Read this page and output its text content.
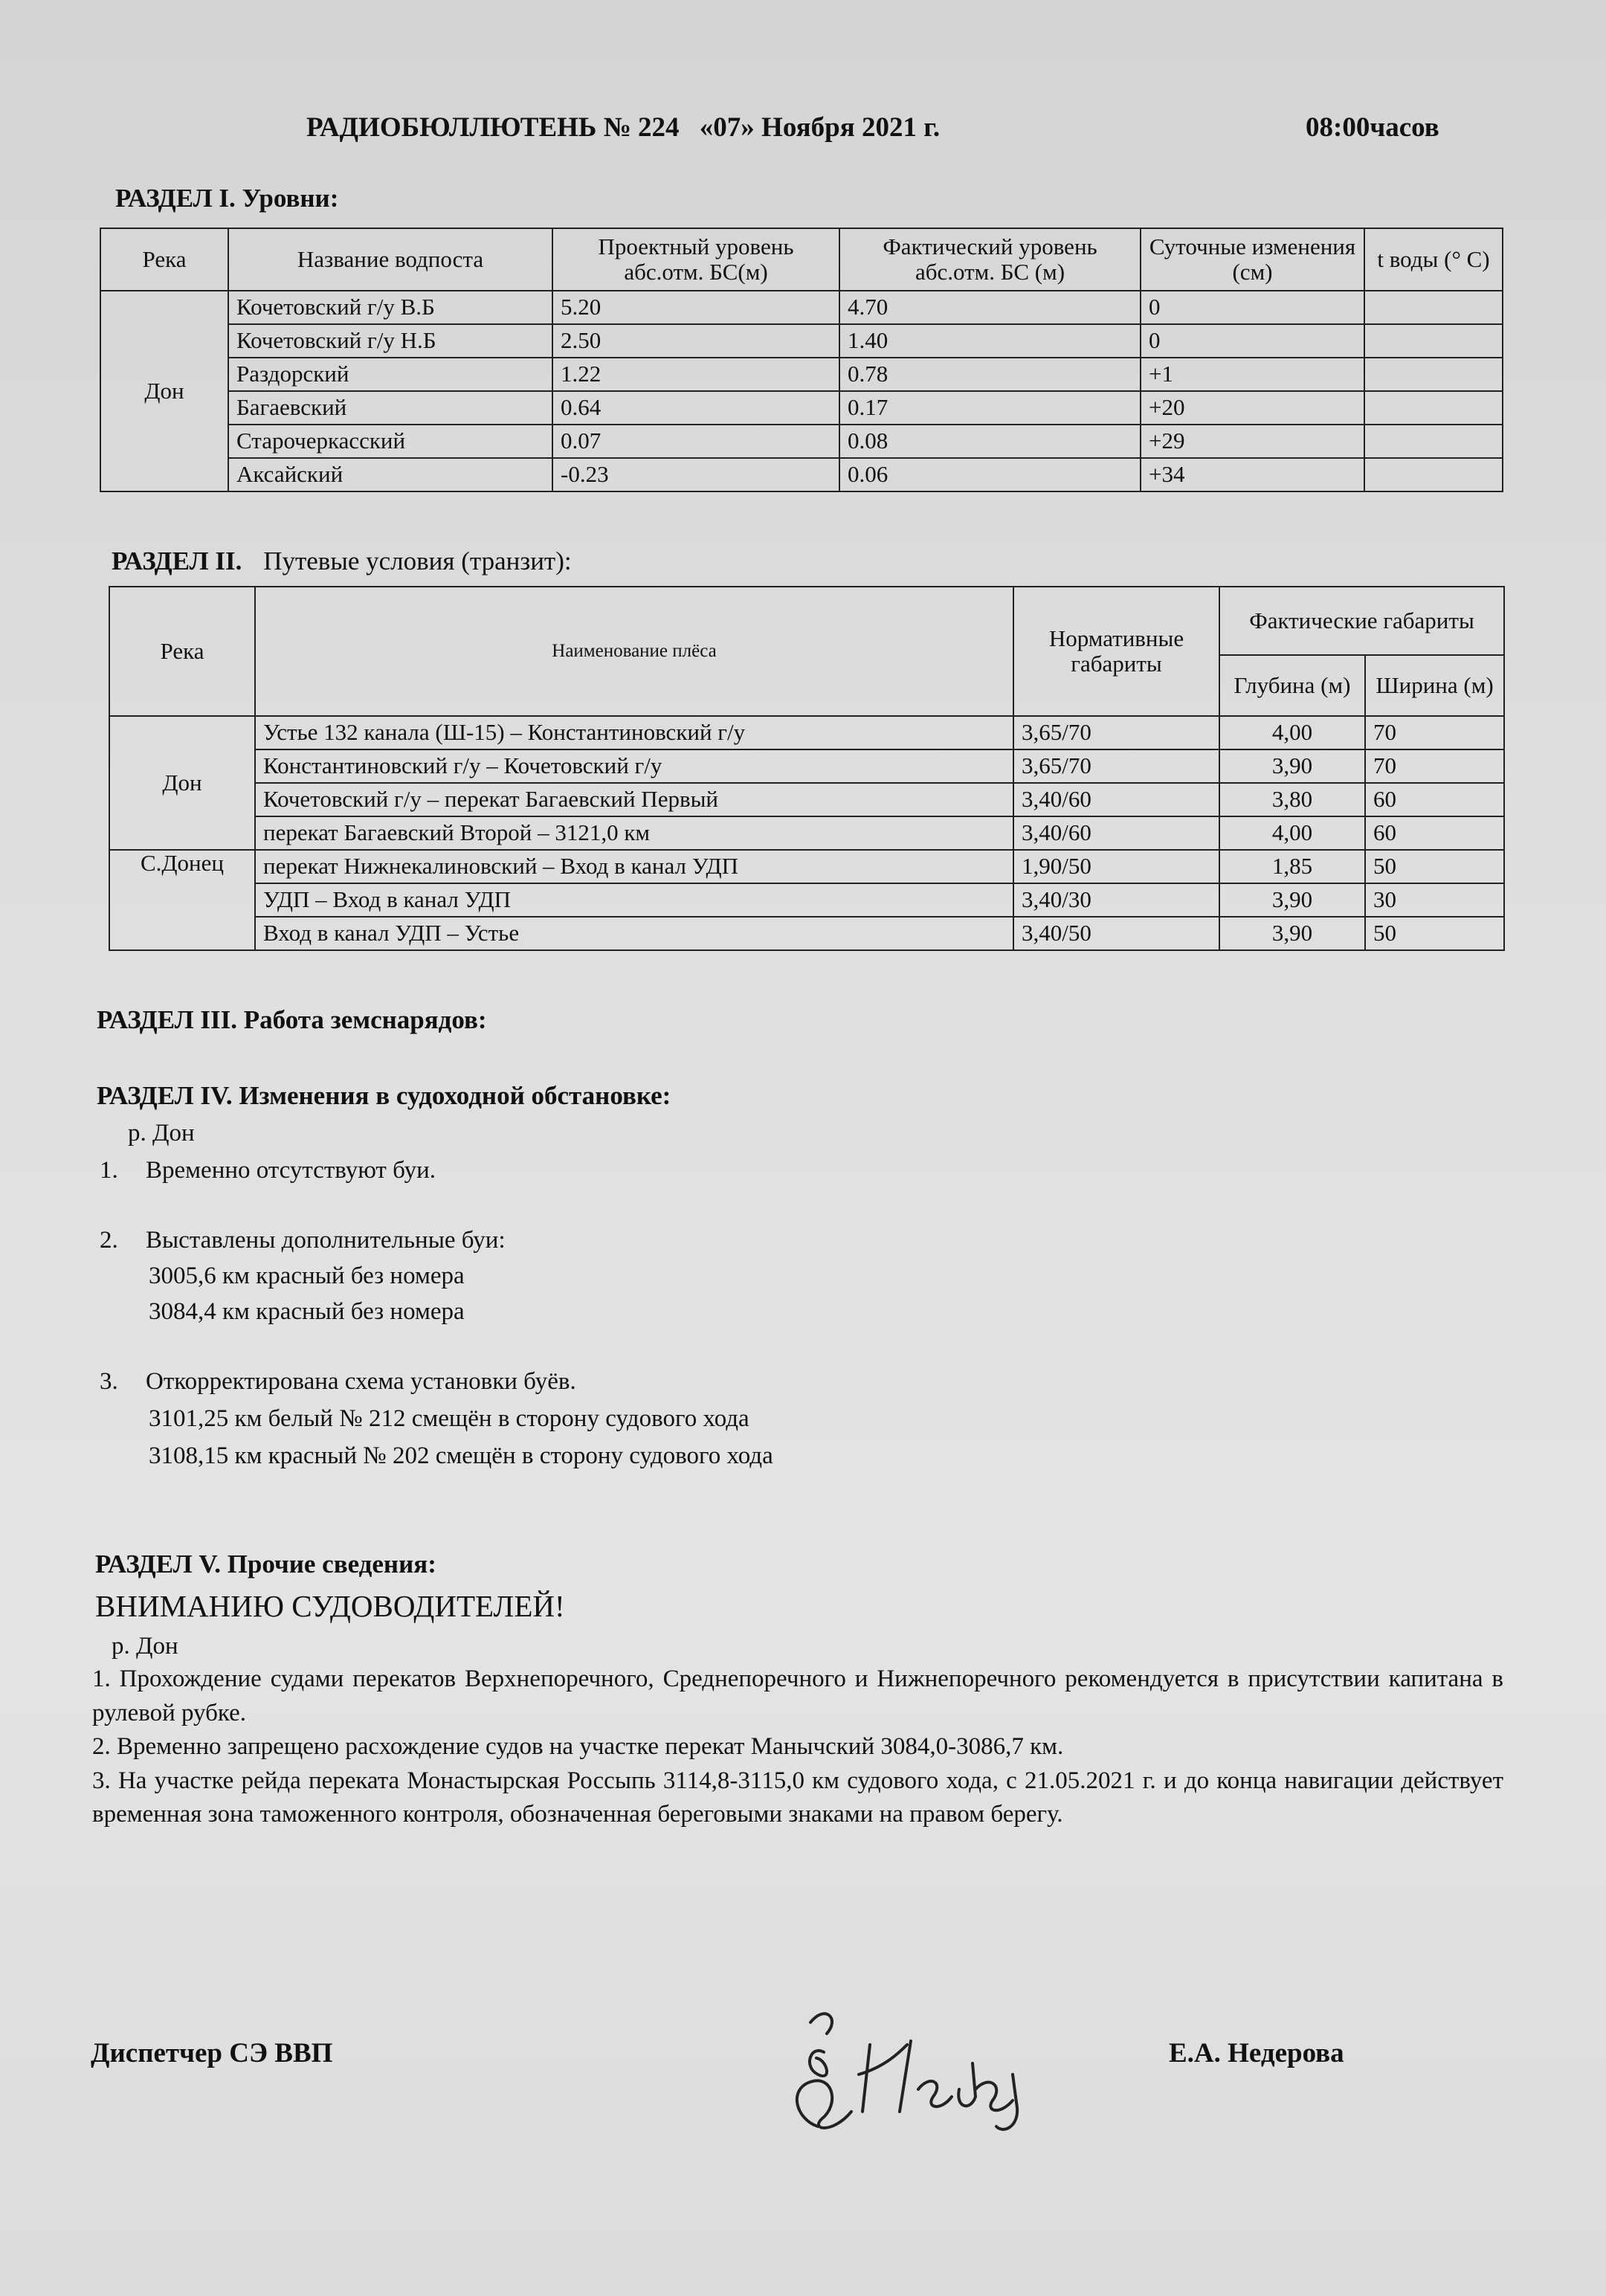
РАДИОБЮЛЛЮТЕНЬ № 224 «07» Ноября 2021 г.	08:00часов
РАЗДЕЛ I. Уровни:
Река	Название водпоста	Проектный уровень абс.отм. БС(м)	Фактический уровень абс.отм. БС (м)	Суточные изменения (см)	t воды (° С)
Дон	Кочетовский г/у В.Б	5.20	4.70	0	
	Кочетовский г/у Н.Б	2.50	1.40	0	
	Раздорский	1.22	0.78	+1	
	Багаевский	0.64	0.17	+20	
	Старочеркасский	0.07	0.08	+29	
	Аксайский	-0.23	0.06	+34	
РАЗДЕЛ II. Путевые условия (транзит):
Река	Наименование плёса	Нормативные габариты	Фактические габариты	
			Глубина (м)	Ширина (м)
Дон	Устье 132 канала (Ш-15) – Константиновский г/у	3,65/70	4,00	70
	Константиновский г/у – Кочетовский г/у	3,65/70	3,90	70
	Кочетовский г/у – перекат Багаевский Первый	3,40/60	3,80	60
	перекат Багаевский Второй – 3121,0 км	3,40/60	4,00	60
С.Донец	перекат Нижнекалиновский – Вход в канал УДП	1,90/50	1,85	50
	УДП – Вход в канал УДП	3,40/30	3,90	30
	Вход в канал УДП – Устье	3,40/50	3,90	50
РАЗДЕЛ III. Работа земснарядов:
РАЗДЕЛ IV. Изменения в судоходной обстановке:
р. Дон
1. Временно отсутствуют буи.
2. Выставлены дополнительные буи:
3005,6 км красный без номера
3084,4 км красный без номера
3. Откорректирована схема установки буёв.
3101,25 км белый № 212 смещён в сторону судового хода
3108,15 км красный № 202 смещён в сторону судового хода
РАЗДЕЛ V. Прочие сведения:
ВНИМАНИЮ СУДОВОДИТЕЛЕЙ!
р. Дон
1. Прохождение судами перекатов Верхнепоречного, Среднепоречного и Нижнепоречного рекомендуется в присутствии капитана в рулевой рубке.
2. Временно запрещено расхождение судов на участке перекат Манычский 3084,0-3086,7 км.
3. На участке рейда переката Монастырская Россыпь 3114,8-3115,0 км судового хода, с 21.05.2021 г. и до конца навигации действует временная зона таможенного контроля, обозначенная береговыми знаками на правом берегу.
Диспетчер СЭ ВВП	Е.А. Недерова
